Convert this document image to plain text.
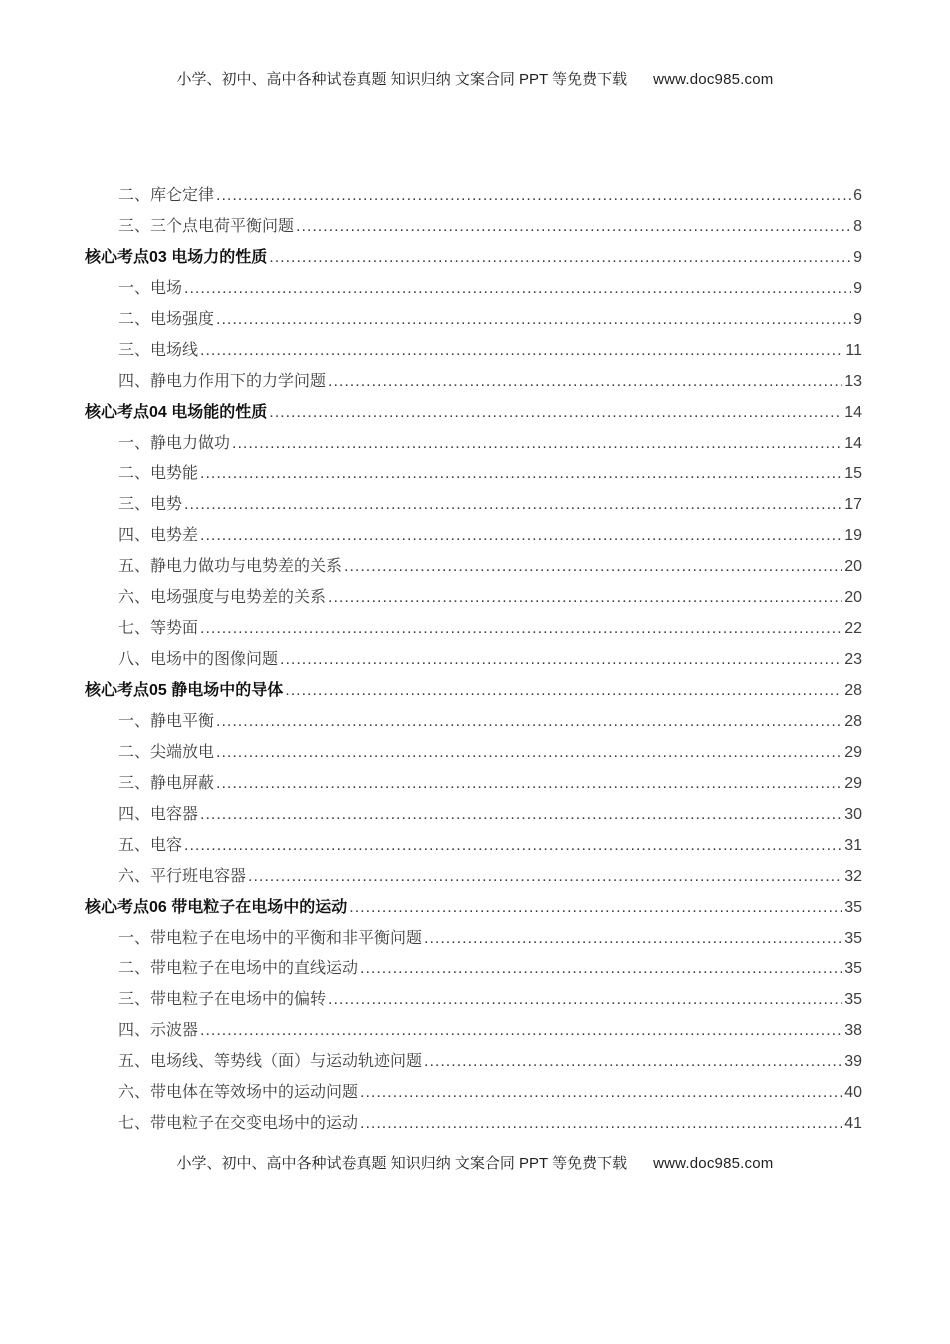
小学、初中、高中各种试卷真题 知识归纳 文案合同 PPT 等免费下载 www.doc985.com
二、库仑定律 .....	6
三、三个点电荷平衡问题 .....	8
核心考点03 电场力的性质 .....	9
一、电场 .....	9
二、电场强度 .....	9
三、电场线 .....	11
四、静电力作用下的力学问题 .....	13
核心考点04 电场能的性质 .....	14
一、静电力做功 .....	14
二、电势能 .....	15
三、电势 .....	17
四、电势差 .....	19
五、静电力做功与电势差的关系 .....	20
六、电场强度与电势差的关系 .....	20
七、等势面 .....	22
八、电场中的图像问题 .....	23
核心考点05 静电场中的导体 .....	28
一、静电平衡 .....	28
二、尖端放电 .....	29
三、静电屏蔽 .....	29
四、电容器 .....	30
五、电容 .....	31
六、平行班电容器 .....	32
核心考点06 带电粒子在电场中的运动 .....	35
一、带电粒子在电场中的平衡和非平衡问题 .....	35
二、带电粒子在电场中的直线运动 .....	35
三、带电粒子在电场中的偏转 .....	35
四、示波器 .....	38
五、电场线、等势线（面）与运动轨迹问题 .....	39
六、带电体在等效场中的运动问题 .....	40
七、带电粒子在交变电场中的运动 .....	41
小学、初中、高中各种试卷真题 知识归纳 文案合同 PPT 等免费下载 www.doc985.com
